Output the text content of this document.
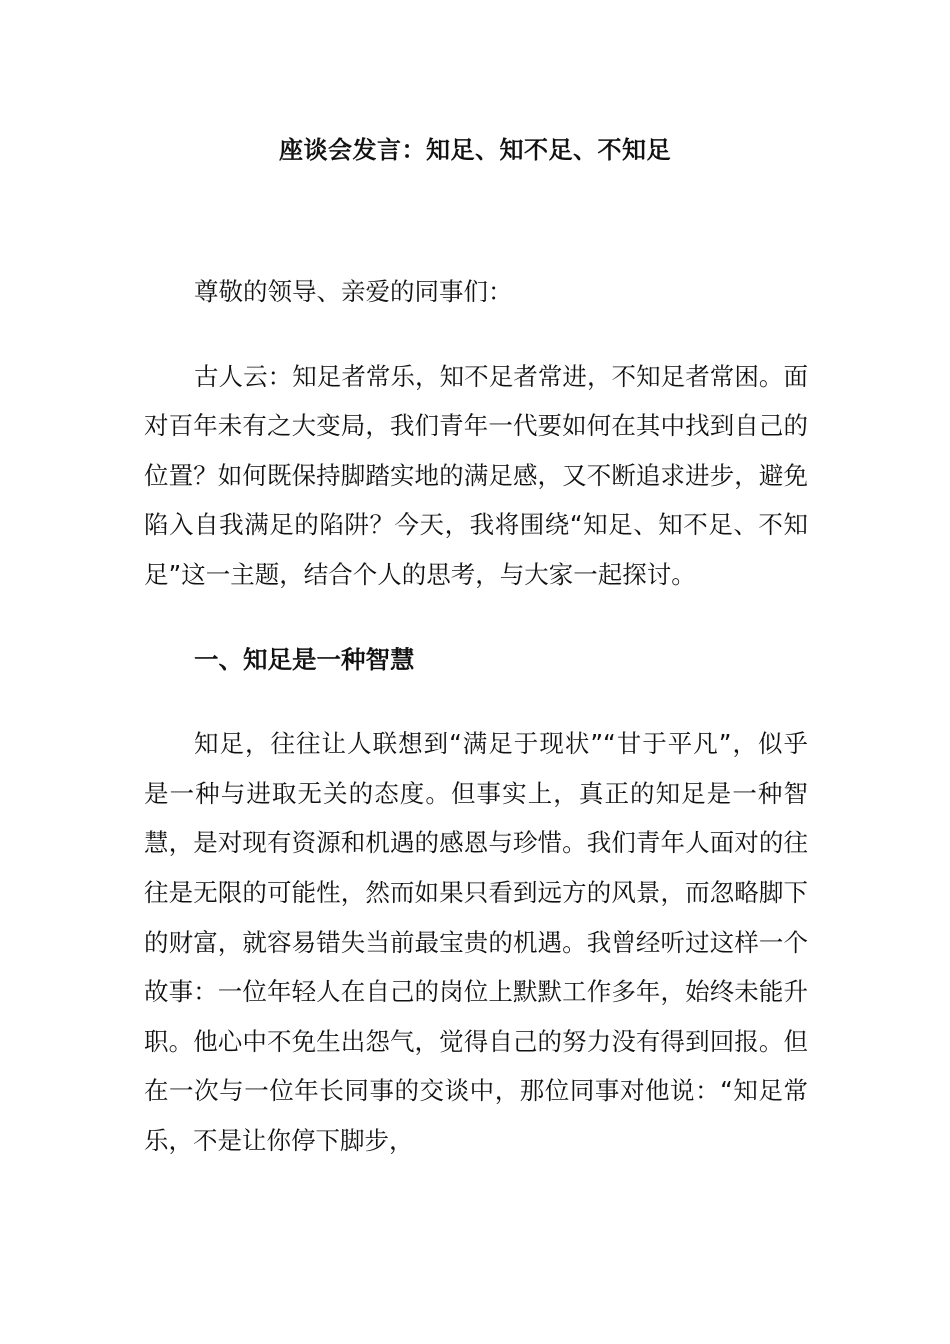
座谈会发言：知足、知不足、不知足

尊敬的领导、亲爱的同事们：

古人云：知足者常乐，知不足者常进，不知足者常困。面对百年未有之大变局，我们青年一代要如何在其中找到自己的位置？如何既保持脚踏实地的满足感，又不断追求进步，避免陷入自我满足的陷阱？今天，我将围绕“知足、知不足、不知足”这一主题，结合个人的思考，与大家一起探讨。

一、知足是一种智慧

知足，往往让人联想到“满足于现状”“甘于平凡”，似乎是一种与进取无关的态度。但事实上，真正的知足是一种智慧，是对现有资源和机遇的感恩与珍惜。我们青年人面对的往往是无限的可能性，然而如果只看到远方的风景，而忽略脚下的财富，就容易错失当前最宝贵的机遇。我曾经听过这样一个故事：一位年轻人在自己的岗位上默默工作多年，始终未能升职。他心中不免生出怨气，觉得自己的努力没有得到回报。但在一次与一位年长同事的交谈中，那位同事对他说：“知足常乐，不是让你停下脚步，
